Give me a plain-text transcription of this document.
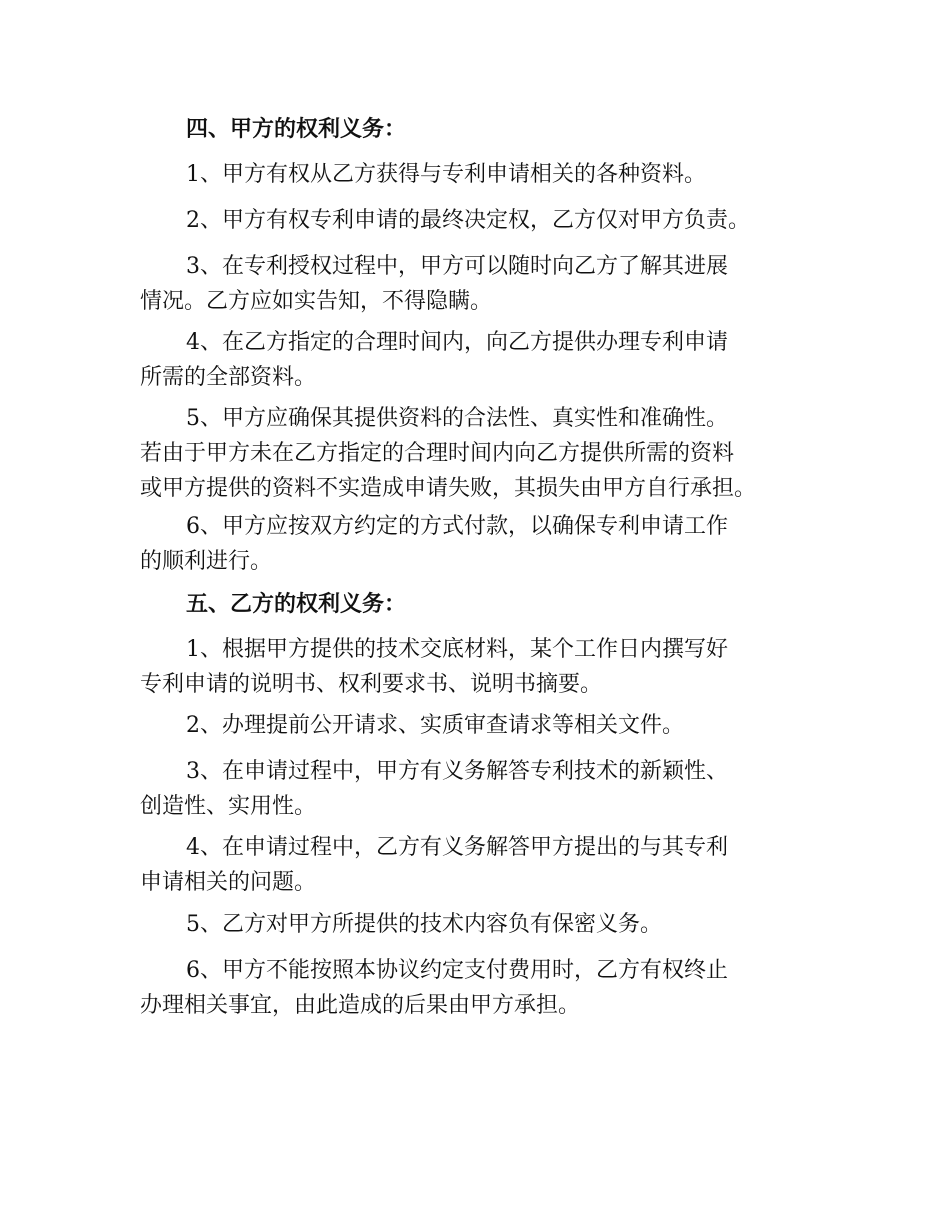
四、甲方的权利义务：
1、甲方有权从乙方获得与专利申请相关的各种资料。
2、甲方有权专利申请的最终决定权，乙方仅对甲方负责。
3、在专利授权过程中，甲方可以随时向乙方了解其进展
情况。乙方应如实告知，不得隐瞒。
4、在乙方指定的合理时间内，向乙方提供办理专利申请
所需的全部资料。
5、甲方应确保其提供资料的合法性、真实性和准确性。
若由于甲方未在乙方指定的合理时间内向乙方提供所需的资料
或甲方提供的资料不实造成申请失败，其损失由甲方自行承担。
6、甲方应按双方约定的方式付款，以确保专利申请工作
的顺利进行。
五、乙方的权利义务：
1、根据甲方提供的技术交底材料，某个工作日内撰写好
专利申请的说明书、权利要求书、说明书摘要。
2、办理提前公开请求、实质审查请求等相关文件。
3、在申请过程中，甲方有义务解答专利技术的新颖性、
创造性、实用性。
4、在申请过程中，乙方有义务解答甲方提出的与其专利
申请相关的问题。
5、乙方对甲方所提供的技术内容负有保密义务。
6、甲方不能按照本协议约定支付费用时，乙方有权终止
办理相关事宜，由此造成的后果由甲方承担。
